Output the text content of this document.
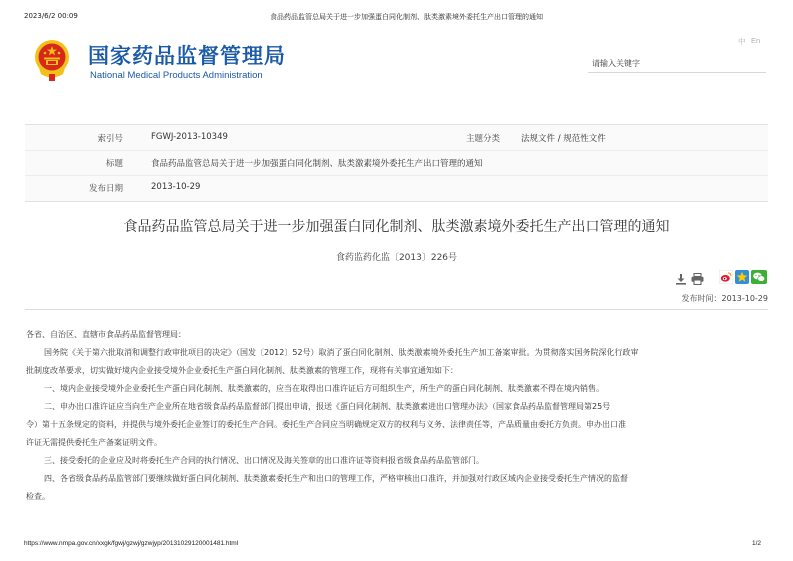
2023/6/2 00:09	食品药品监管总局关于进一步加强蛋白同化制剂、肽类激素境外委托生产出口管理的通知
国家药品监督管理局
National Medical Products Administration
中 En
请输入关键字
索引号	FGWJ-2013-10349	主题分类 法规文件 / 规范性文件
标题	食品药品监管总局关于进一步加强蛋白同化制剂、肽类激素境外委托生产出口管理的通知
发布日期	2013-10-29
食品药品监管总局关于进一步加强蛋白同化制剂、肽类激素境外委托生产出口管理的通知
食药监药化监〔2013〕226号
发布时间：2013-10-29
各省、自治区、直辖市食品药品监督管理局：
国务院《关于第六批取消和调整行政审批项目的决定》（国发〔2012〕52号）取消了蛋白同化制剂、肽类激素境外委托生产加工备案审批。为贯彻落实国务院深化行政审
批制度改革要求，切实做好境内企业接受境外企业委托生产蛋白同化制剂、肽类激素的管理工作，现将有关事宜通知如下：
一、境内企业接受境外企业委托生产蛋白同化制剂、肽类激素的，应当在取得出口准许证后方可组织生产，所生产的蛋白同化制剂、肽类激素不得在境内销售。
二、申办出口准许证应当向生产企业所在地省级食品药品监督部门提出申请，报送《蛋白同化制剂、肽类激素进出口管理办法》（国家食品药品监督管理局第25号
令）第十五条规定的资料，并提供与境外委托企业签订的委托生产合同。委托生产合同应当明确规定双方的权利与义务、法律责任等，产品质量由委托方负责。申办出口准
许证无需提供委托生产备案证明文件。
三、接受委托的企业应及时将委托生产合同的执行情况、出口情况及海关签章的出口准许证等资料报省级食品药品监管部门。
四、各省级食品药品监管部门要继续做好蛋白同化制剂、肽类激素委托生产和出口的管理工作，严格审核出口准许，并加强对行政区域内企业接受委托生产情况的监督
检查。
https://www.nmpa.gov.cn/xxgk/fgwj/gzwj/gzwjyp/20131029120001481.html	1/2
